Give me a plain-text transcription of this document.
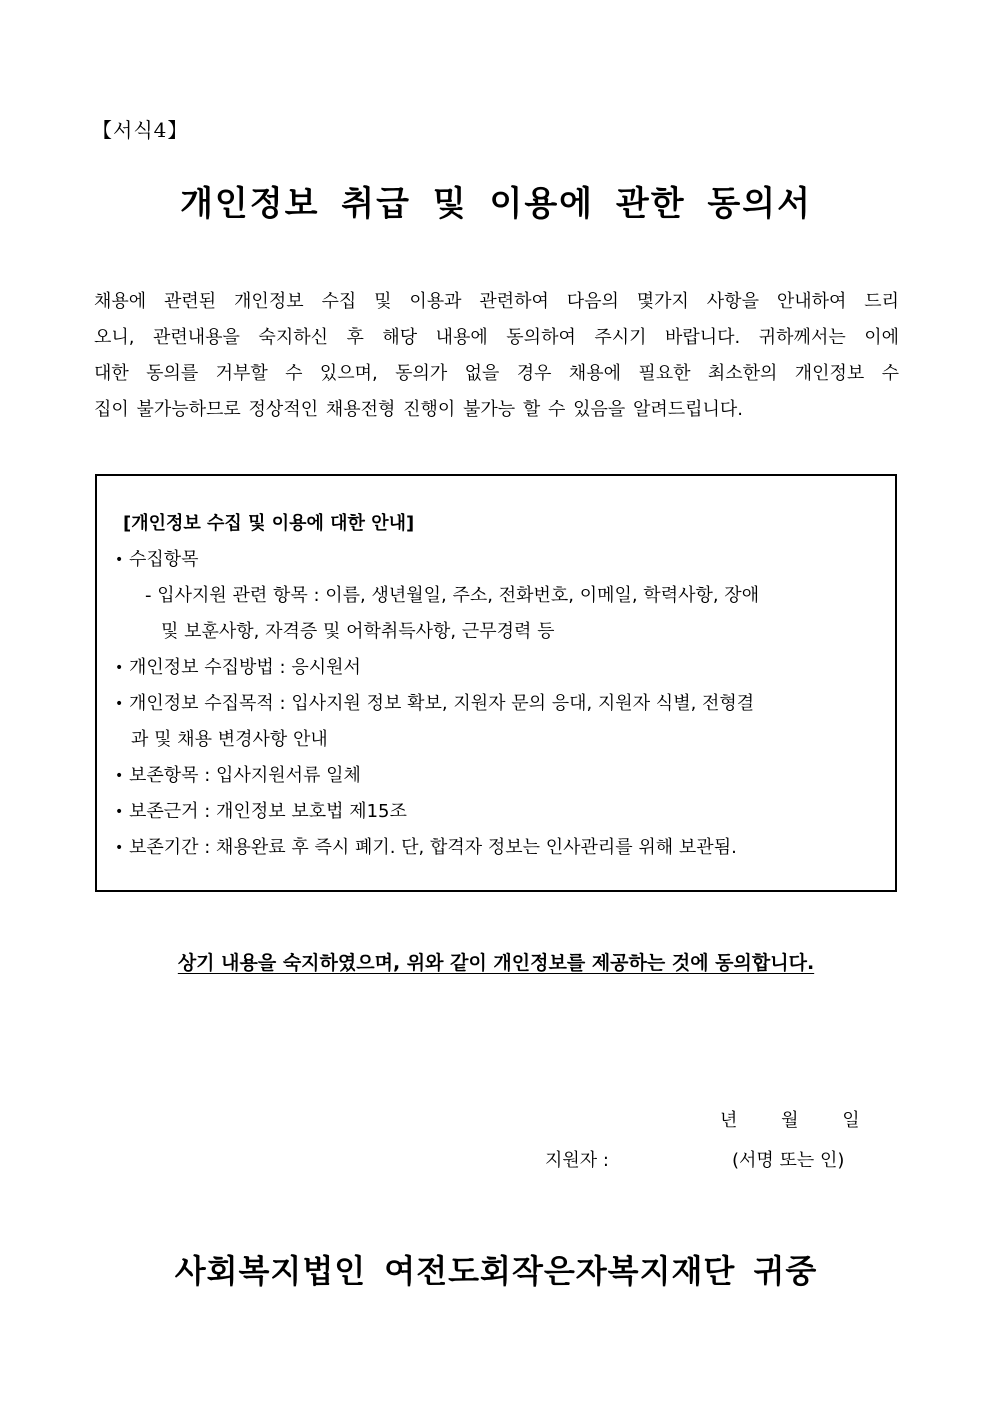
【서식4】
개인정보 취급 및 이용에 관한 동의서
채용에 관련된 개인정보 수집 및 이용과 관련하여 다음의 몇가지 사항을 안내하여 드리
오니, 관련내용을 숙지하신 후 해당 내용에 동의하여 주시기 바랍니다. 귀하께서는 이에
대한 동의를 거부할 수 있으며, 동의가 없을 경우 채용에 필요한 최소한의 개인정보 수
집이 불가능하므로 정상적인 채용전형 진행이 불가능 할 수 있음을 알려드립니다.
[개인정보 수집 및 이용에 대한 안내]
• 수집항목
- 입사지원 관련 항목 : 이름, 생년월일, 주소, 전화번호, 이메일, 학력사항, 장애
및 보훈사항, 자격증 및 어학취득사항, 근무경력 등
• 개인정보 수집방법 : 응시원서
• 개인정보 수집목적 : 입사지원 정보 확보, 지원자 문의 응대, 지원자 식별, 전형결
과 및 채용 변경사항 안내
• 보존항목 : 입사지원서류 일체
• 보존근거 : 개인정보 보호법 제15조
• 보존기간 : 채용완료 후 즉시 폐기. 단, 합격자 정보는 인사관리를 위해 보관됨.
상기 내용을 숙지하였으며, 위와 같이 개인정보를 제공하는 것에 동의합니다.
년 월 일
지원자 :	(서명 또는 인)
사회복지법인 여전도회작은자복지재단 귀중
